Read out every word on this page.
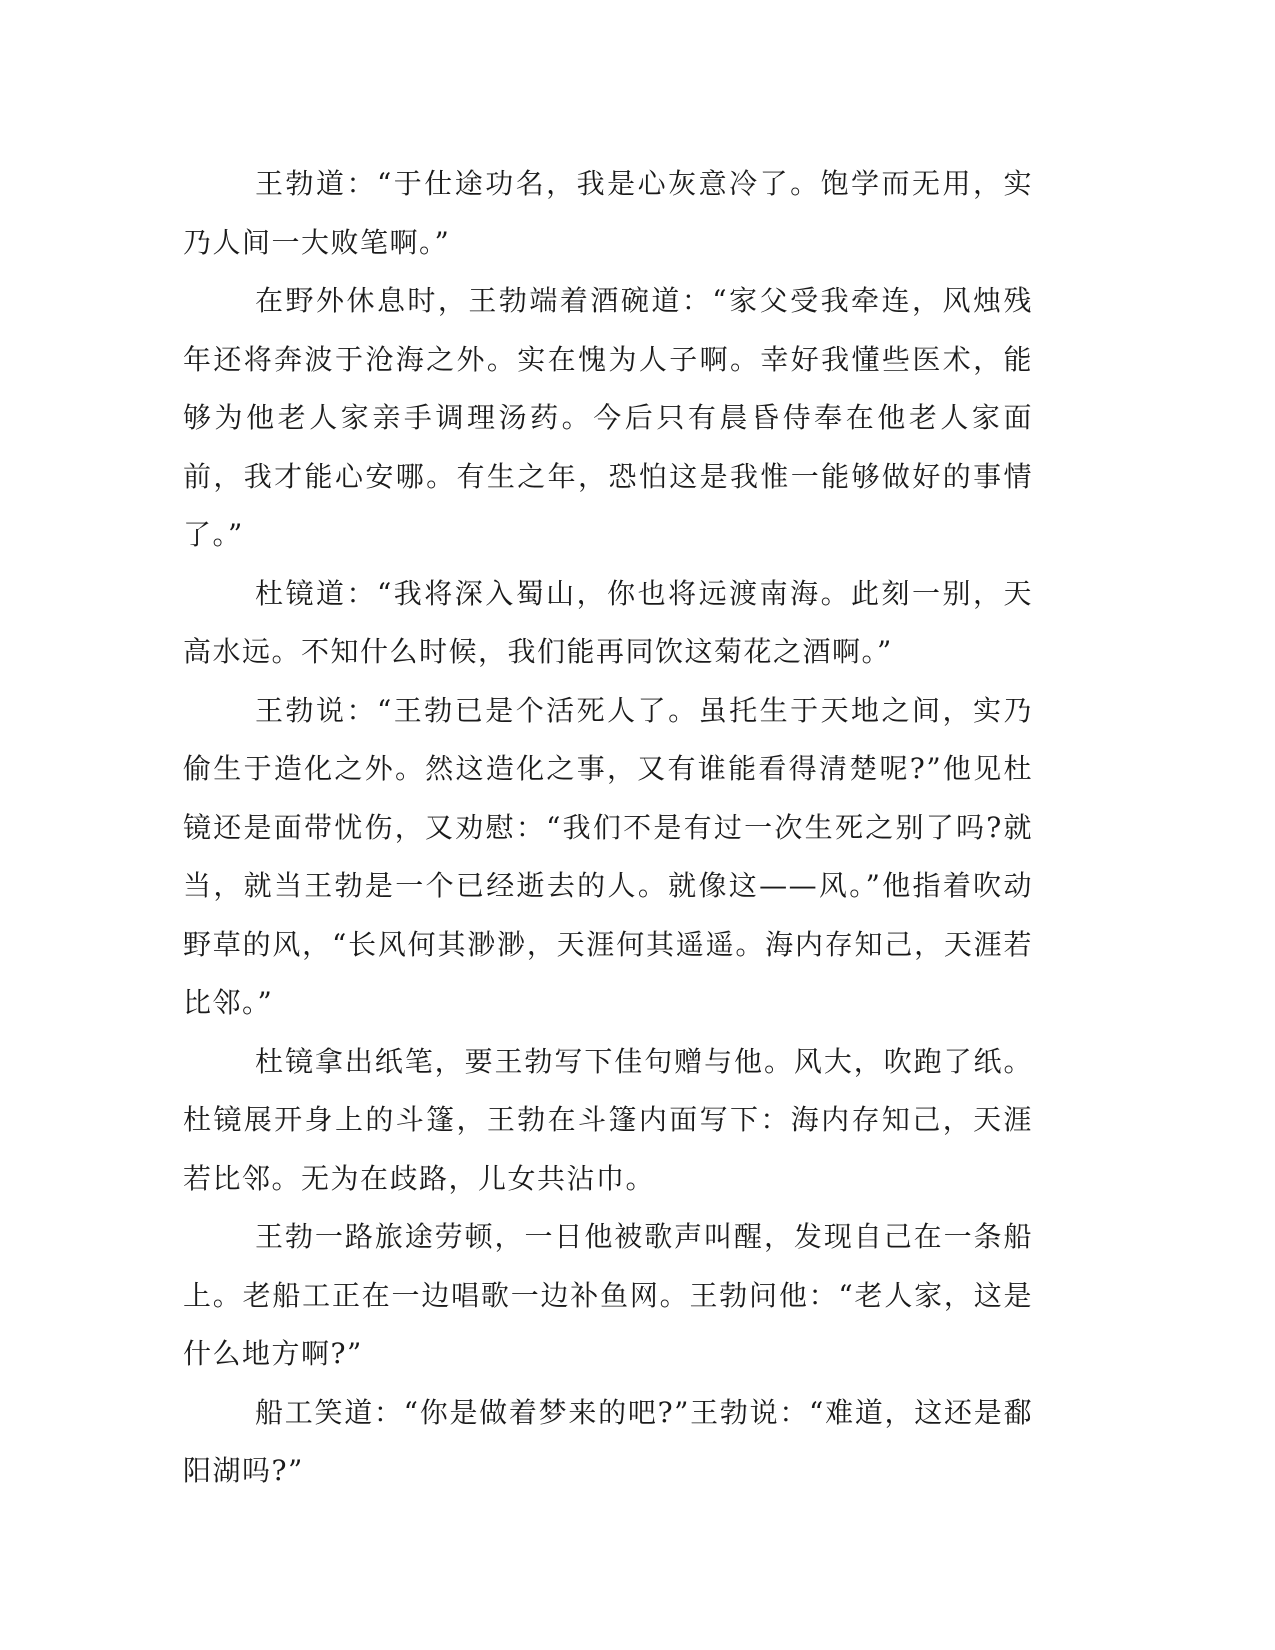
王勃道：“于仕途功名，我是心灰意冷了。饱学而无用，实乃人间一大败笔啊。”

在野外休息时，王勃端着酒碗道：“家父受我牵连，风烛残年还将奔波于沧海之外。实在愧为人子啊。幸好我懂些医术，能够为他老人家亲手调理汤药。今后只有晨昏侍奉在他老人家面前，我才能心安哪。有生之年，恐怕这是我惟一能够做好的事情了。”

杜镜道：“我将深入蜀山，你也将远渡南海。此刻一别，天高水远。不知什么时候，我们能再同饮这菊花之酒啊。”

王勃说：“王勃已是个活死人了。虽托生于天地之间，实乃偷生于造化之外。然这造化之事，又有谁能看得清楚呢?”他见杜镜还是面带忧伤，又劝慰：“我们不是有过一次生死之别了吗?就当，就当王勃是一个已经逝去的人。就像这——风。”他指着吹动野草的风，“长风何其渺渺，天涯何其遥遥。海内存知己，天涯若比邻。”

杜镜拿出纸笔，要王勃写下佳句赠与他。风大，吹跑了纸。杜镜展开身上的斗篷，王勃在斗篷内面写下：海内存知己，天涯若比邻。无为在歧路，儿女共沾巾。

王勃一路旅途劳顿，一日他被歌声叫醒，发现自己在一条船上。老船工正在一边唱歌一边补鱼网。王勃问他：“老人家，这是什么地方啊?”

船工笑道：“你是做着梦来的吧?”王勃说：“难道，这还是鄱阳湖吗?”
